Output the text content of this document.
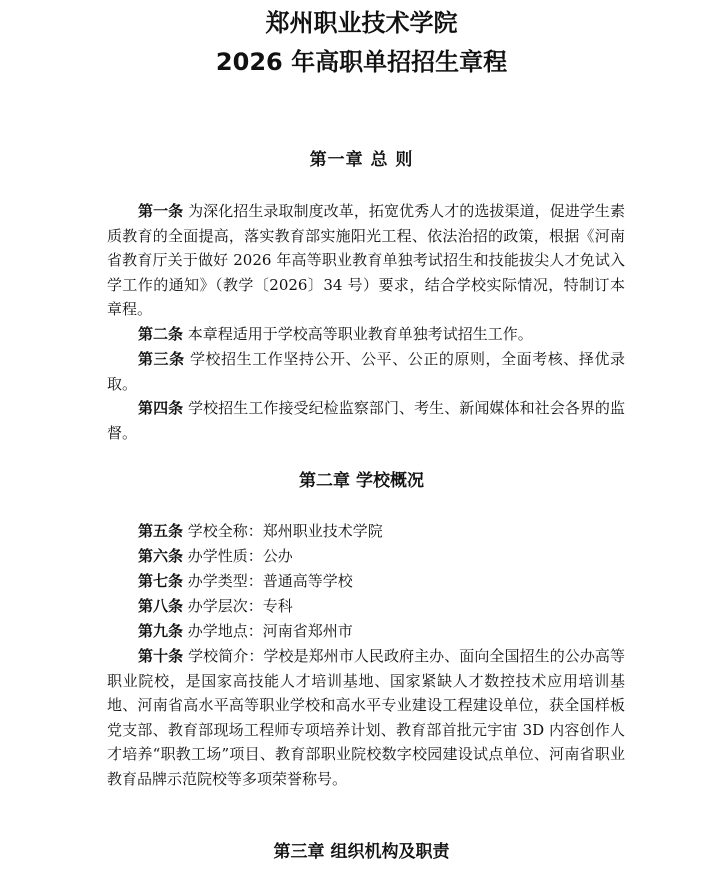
郑州职业技术学院
2026 年高职单招招生章程
第一章 总 则

第一条 为深化招生录取制度改革，拓宽优秀人才的选拔渠道，促进学生素质教育的全面提高，落实教育部实施阳光工程、依法治招的政策，根据《河南省教育厅关于做好 2026 年高等职业教育单独考试招生和技能拔尖人才免试入学工作的通知》（教学〔2026〕34 号）要求，结合学校实际情况，特制订本章程。

第二条 本章程适用于学校高等职业教育单独考试招生工作。

第三条 学校招生工作坚持公开、公平、公正的原则，全面考核、择优录取。

第四条 学校招生工作接受纪检监察部门、考生、新闻媒体和社会各界的监督。

第二章 学校概况

第五条 学校全称：郑州职业技术学院

第六条 办学性质：公办

第七条 办学类型：普通高等学校

第八条 办学层次：专科

第九条 办学地点：河南省郑州市

第十条 学校简介：学校是郑州市人民政府主办、面向全国招生的公办高等职业院校，是国家高技能人才培训基地、国家紧缺人才数控技术应用培训基地、河南省高水平高等职业学校和高水平专业建设工程建设单位，获全国样板党支部、教育部现场工程师专项培养计划、教育部首批元宇宙 3D 内容创作人才培养“职教工场”项目、教育部职业院校数字校园建设试点单位、河南省职业教育品牌示范院校等多项荣誉称号。

第三章 组织机构及职责
